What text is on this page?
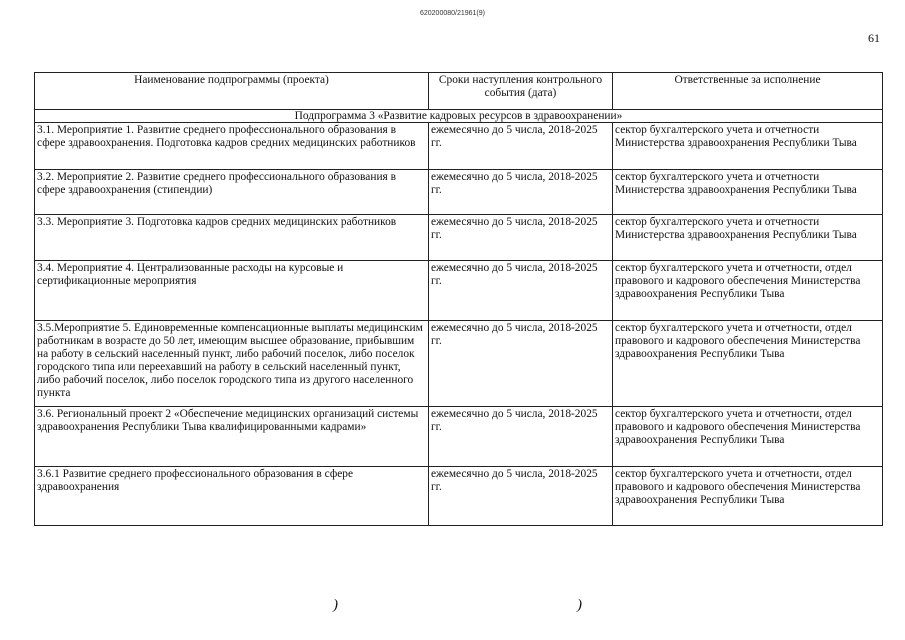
620200080/21961(9)
61
Наименование подпрограммы (проекта)	Сроки наступления контрольного события (дата)	Ответственные за исполнение
Подпрограмма 3 «Развитие кадровых ресурсов в здравоохранении»		
3.1. Мероприятие 1. Развитие среднего профессионального образования в сфере здравоохранения. Подготовка кадров средних медицинских работников	ежемесячно до 5 числа, 2018-2025 гг.	сектор бухгалтерского учета и отчетности Министерства здравоохранения Республики Тыва
3.2. Мероприятие 2. Развитие среднего профессионального образования в сфере здравоохранения (стипендии)	ежемесячно до 5 числа, 2018-2025 гг.	сектор бухгалтерского учета и отчетности Министерства здравоохранения Республики Тыва
3.3. Мероприятие 3. Подготовка кадров средних медицинских работников	ежемесячно до 5 числа, 2018-2025 гг.	сектор бухгалтерского учета и отчетности Министерства здравоохранения Республики Тыва
3.4. Мероприятие 4. Централизованные расходы на курсовые и сертификационные мероприятия	ежемесячно до 5 числа, 2018-2025 гг.	сектор бухгалтерского учета и отчетности, отдел правового и кадрового обеспечения Министерства здравоохранения Республики Тыва
3.5.Мероприятие 5. Единовременные компенсационные выплаты медицинским работникам в возрасте до 50 лет, имеющим высшее образование, прибывшим на работу в сельский населенный пункт, либо рабочий поселок, либо поселок городского типа или переехавший на работу в сельский населенный пункт, либо рабочий поселок, либо поселок городского типа из другого населенного пункта	ежемесячно до 5 числа, 2018-2025 гг.	сектор бухгалтерского учета и отчетности, отдел правового и кадрового обеспечения Министерства здравоохранения Республики Тыва
3.6. Региональный проект 2 «Обеспечение медицинских организаций системы здравоохранения Республики Тыва квалифицированными кадрами»	ежемесячно до 5 числа, 2018-2025 гг.	сектор бухгалтерского учета и отчетности, отдел правового и кадрового обеспечения Министерства здравоохранения Республики Тыва
3.6.1 Развитие среднего профессионального образования в сфере здравоохранения	ежемесячно до 5 числа, 2018-2025 гг.	сектор бухгалтерского учета и отчетности, отдел правового и кадрового обеспечения Министерства здравоохранения Республики Тыва
)	)
